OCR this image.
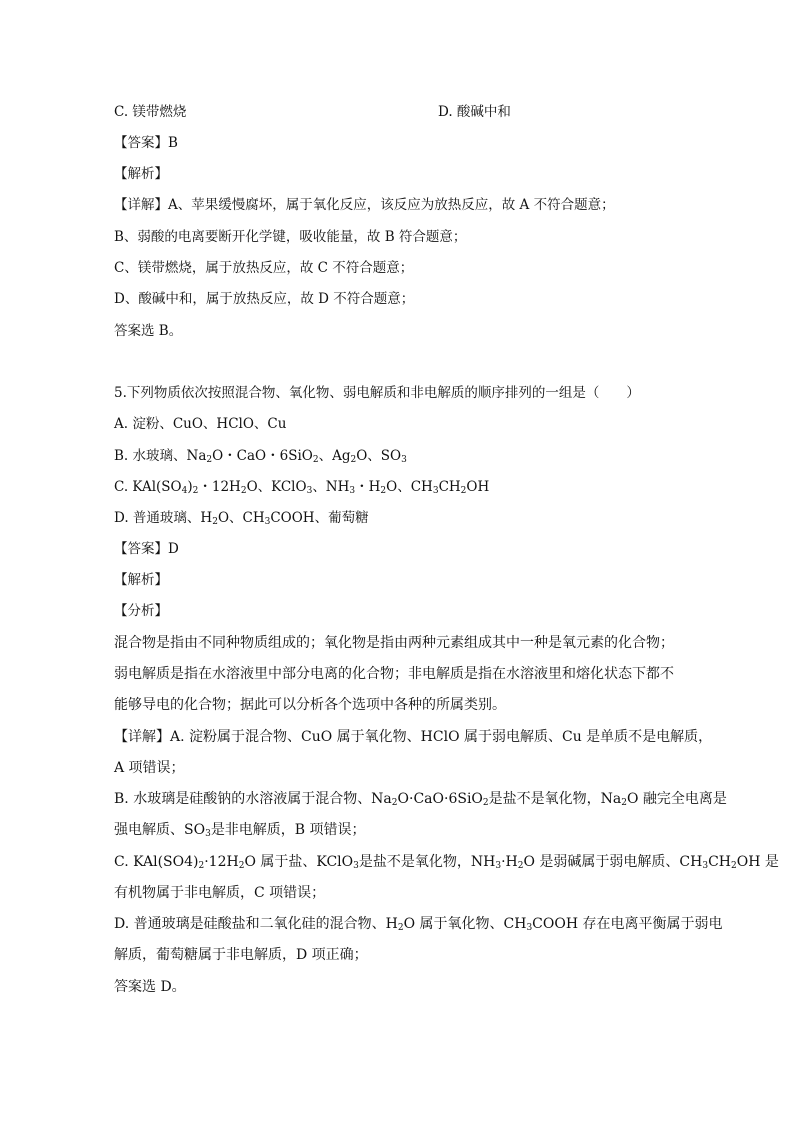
C. 镁带燃烧	D. 酸碱中和
【答案】B
【解析】
【详解】A、苹果缓慢腐坏，属于氧化反应，该反应为放热反应，故 A 不符合题意；
B、弱酸的电离要断开化学键，吸收能量，故 B 符合题意；
C、镁带燃烧，属于放热反应，故 C 不符合题意；
D、酸碱中和，属于放热反应，故 D 不符合题意；
答案选 B。
5.下列物质依次按照混合物、氧化物、弱电解质和非电解质的顺序排列的一组是（　　）
A. 淀粉、CuO、HClO、Cu
B. 水玻璃、$Na_2O$・CaO・6SiO$_2$、$Ag_2O$、$SO_3$
C. $KAl(SO_4)_2$・$12H_2O$、KClO$_3$、$NH_3$・$H_2O$、$CH_3CH_2OH$
D. 普通玻璃、$H_2O$、$CH_3COOH$、葡萄糖
【答案】D
【解析】
【分析】
混合物是指由不同种物质组成的；氧化物是指由两种元素组成其中一种是氧元素的化合物；
弱电解质是指在水溶液里中部分电离的化合物；非电解质是指在水溶液里和熔化状态下都不
能够导电的化合物；据此可以分析各个选项中各种的所属类别。
【详解】A. 淀粉属于混合物、CuO 属于氧化物、HClO 属于弱电解质、Cu 是单质不是电解质，
A 项错误；
B. 水玻璃是硅酸钠的水溶液属于混合物、$Na_2O\cdot CaO\cdot 6SiO_2$是盐不是氧化物，$Na_2O$ 融完全电离是
强电解质、$SO_3$是非电解质，B 项错误；
C. $KAl(SO4)_2\cdot 12H_2O$ 属于盐、KClO$_3$是盐不是氧化物，$NH_3\cdot H_2O$ 是弱碱属于弱电解质、$CH_3CH_2OH$ 是
有机物属于非电解质，C 项错误；
D. 普通玻璃是硅酸盐和二氧化硅的混合物、$H_2O$ 属于氧化物、$CH_3COOH$ 存在电离平衡属于弱电
解质，葡萄糖属于非电解质，D 项正确；
答案选 D。
